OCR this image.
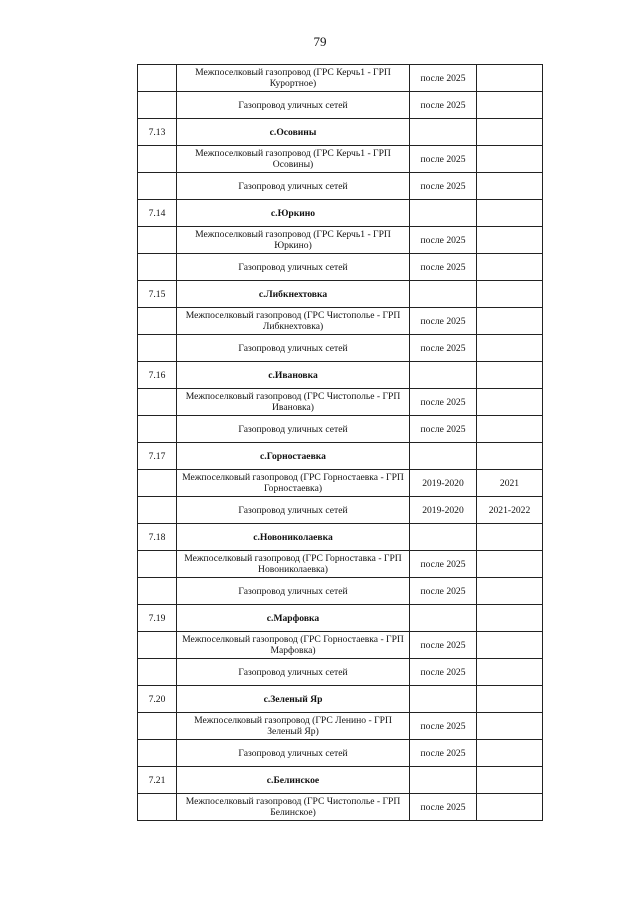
79
	Межпоселковый газопровод (ГРС Керчь1 - ГРП Курортное)	после 2025	
	Газопровод уличных сетей	после 2025	
7.13	с.Осовины		
	Межпоселковый газопровод (ГРС Керчь1 - ГРП Осовины)	после 2025	
	Газопровод уличных сетей	после 2025	
7.14	с.Юркино		
	Межпоселковый газопровод (ГРС Керчь1 - ГРП Юркино)	после 2025	
	Газопровод уличных сетей	после 2025	
7.15	с.Либкнехтовка		
	Межпоселковый газопровод (ГРС Чистополье - ГРП Либкнехтовка)	после 2025	
	Газопровод уличных сетей	после 2025	
7.16	с.Ивановка		
	Межпоселковый газопровод (ГРС Чистополье - ГРП Ивановка)	после 2025	
	Газопровод уличных сетей	после 2025	
7.17	с.Горностаевка		
	Межпоселковый газопровод (ГРС Горностаевка - ГРП Горностаевка)	2019-2020	2021
	Газопровод уличных сетей	2019-2020	2021-2022
7.18	с.Новониколаевка		
	Межпоселковый газопровод (ГРС Горноставка - ГРП Новониколаевка)	после 2025	
	Газопровод уличных сетей	после 2025	
7.19	с.Марфовка		
	Межпоселковый газопровод (ГРС Горностаевка - ГРП Марфовка)	после 2025	
	Газопровод уличных сетей	после 2025	
7.20	с.Зеленый Яр		
	Межпоселковый газопровод (ГРС Ленино - ГРП Зеленый Яр)	после 2025	
	Газопровод уличных сетей	после 2025	
7.21	с.Белинское		
	Межпоселковый газопровод (ГРС Чистополье - ГРП Белинское)	после 2025	
